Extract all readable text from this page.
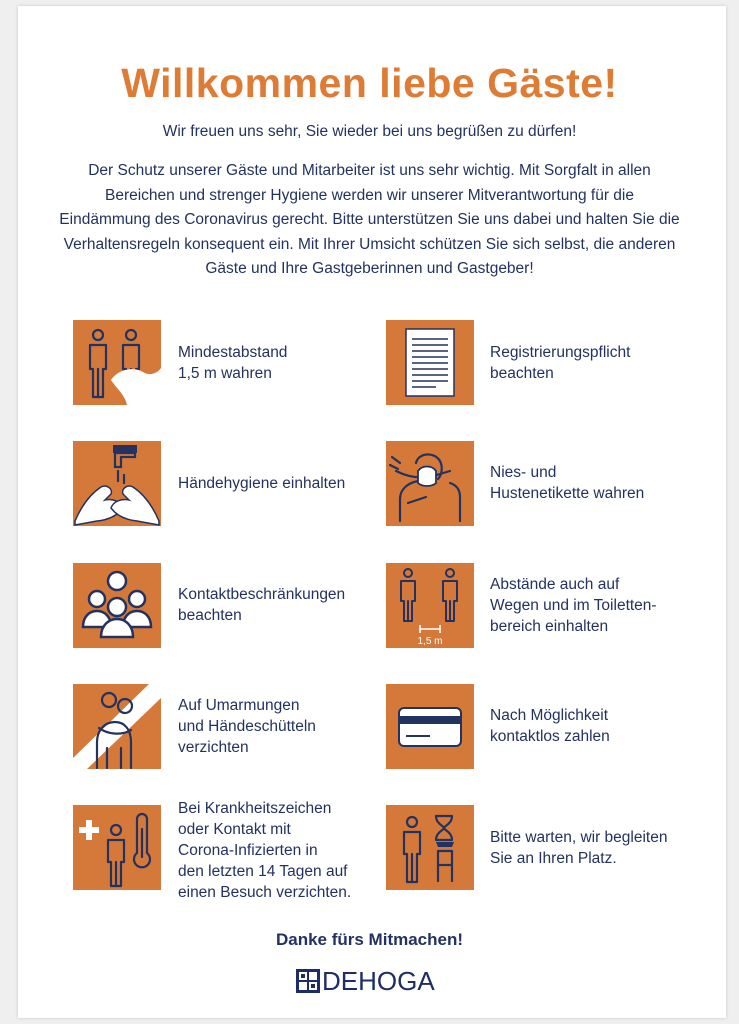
Willkommen liebe Gäste!

Wir freuen uns sehr, Sie wieder bei uns begrüßen zu dürfen!

Der Schutz unserer Gäste und Mitarbeiter ist uns sehr wichtig. Mit Sorgfalt in allen Bereichen und strenger Hygiene werden wir unserer Mitverantwortung für die Eindämmung des Coronavirus gerecht. Bitte unterstützen Sie uns dabei und halten Sie die Verhaltensregeln konsequent ein. Mit Ihrer Umsicht schützen Sie sich selbst, die anderen Gäste und Ihre Gastgeberinnen und Gastgeber!

Mindestabstand
1,5 m wahren
Registrierungspflicht
beachten
Händehygiene einhalten
Nies- und
Hustenetikette wahren
Kontaktbeschränkungen
beachten
1,5 m
Abstände auch auf
Wegen und im Toiletten-
bereich einhalten
Auf Umarmungen
und Händeschütteln
verzichten
Nach Möglichkeit
kontaktlos zahlen
Bei Krankheitszeichen
oder Kontakt mit
Corona-Infizierten in
den letzten 14 Tagen auf
einen Besuch verzichten.
Bitte warten, wir begleiten
Sie an Ihren Platz.
Danke fürs Mitmachen!
DEHOGA
